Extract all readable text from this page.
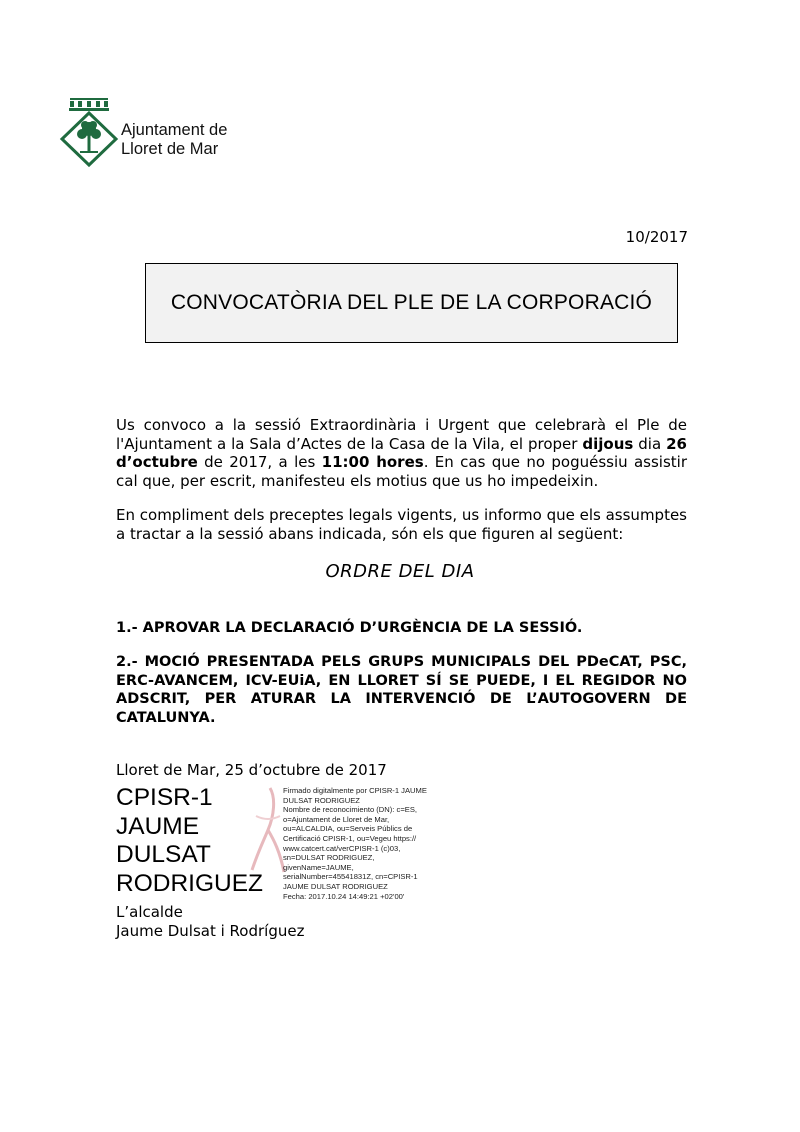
Ajuntament de
Lloret de Mar
10/2017
CONVOCATÒRIA DEL PLE DE LA CORPORACIÓ
Us convoco a la sessió Extraordinària i Urgent que celebrarà el Ple de l'Ajuntament a la Sala d’Actes de la Casa de la Vila, el proper dijous dia 26 d’octubre de 2017, a les 11:00 hores. En cas que no poguéssiu assistir cal que, per escrit, manifesteu els motius que us ho impedeixin.
En compliment dels preceptes legals vigents, us informo que els assumptes a tractar a la sessió abans indicada, són els que figuren al següent:
ORDRE DEL DIA
1.- APROVAR LA DECLARACIÓ D’URGÈNCIA DE LA SESSIÓ.
2.- MOCIÓ PRESENTADA PELS GRUPS MUNICIPALS DEL PDeCAT, PSC, ERC-AVANCEM, ICV-EUiA, EN LLORET SÍ SE PUEDE, I EL REGIDOR NO ADSCRIT, PER ATURAR LA INTERVENCIÓ DE L’AUTOGOVERN DE CATALUNYA.
Lloret de Mar, 25 d’octubre de 2017
CPISR-1
JAUME
DULSAT
RODRIGUEZ
Firmado digitalmente por CPISR-1 JAUME
DULSAT RODRIGUEZ
Nombre de reconocimiento (DN): c=ES,
o=Ajuntament de Lloret de Mar,
ou=ALCALDIA, ou=Serveis Públics de
Certificació CPISR-1, ou=Vegeu https://
www.catcert.cat/verCPISR-1 (c)03,
sn=DULSAT RODRIGUEZ,
givenName=JAUME,
serialNumber=45541831Z, cn=CPISR-1
JAUME DULSAT RODRIGUEZ
Fecha: 2017.10.24 14:49:21 +02'00'
L’alcalde
Jaume Dulsat i Rodríguez
